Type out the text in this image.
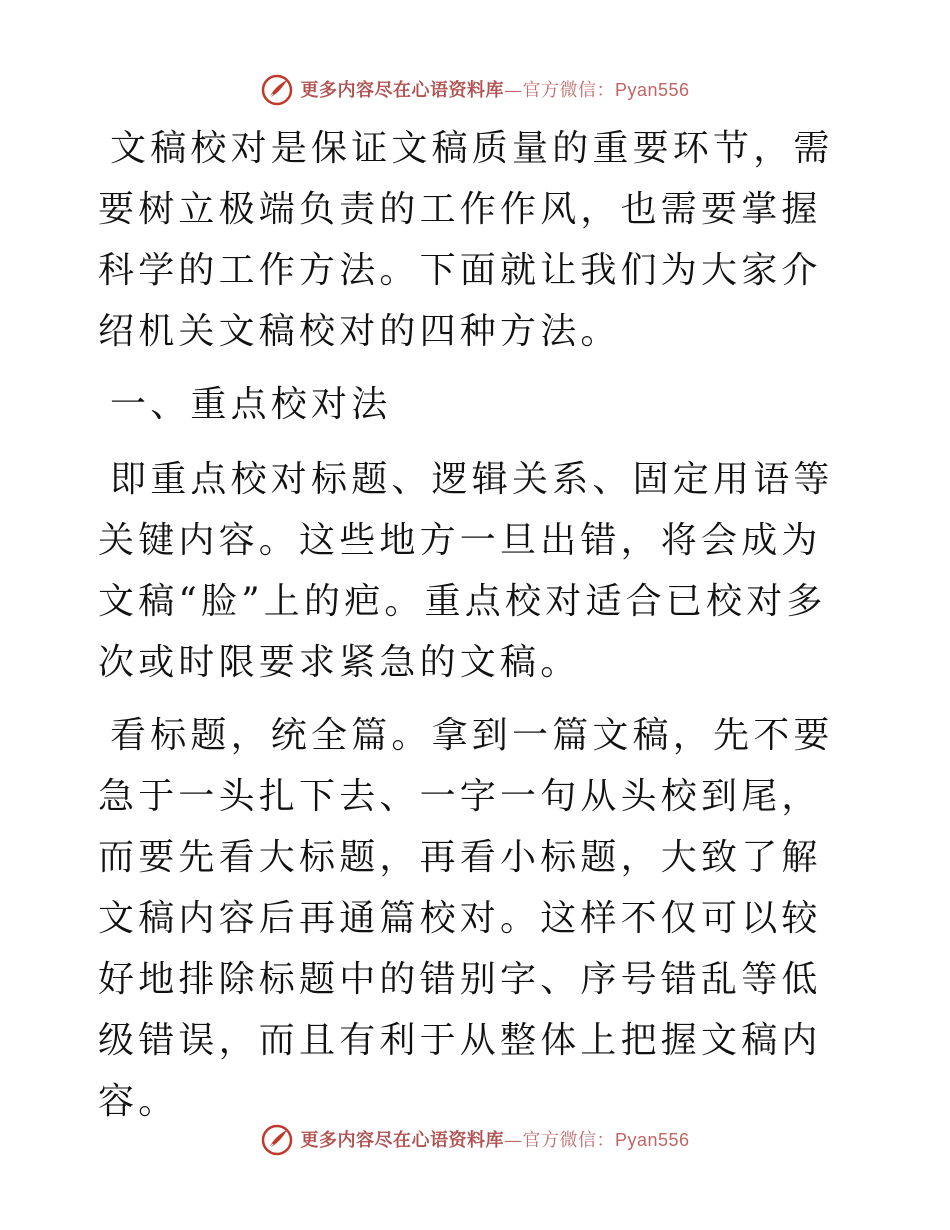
更多内容尽在心语资料库—官方微信：Pyan556

文稿校对是保证文稿质量的重要环节，需要树立极端负责的工作作风，也需要掌握科学的工作方法。下面就让我们为大家介绍机关文稿校对的四种方法。

一、重点校对法

即重点校对标题、逻辑关系、固定用语等关键内容。这些地方一旦出错，将会成为文稿“脸”上的疤。重点校对适合已校对多次或时限要求紧急的文稿。

看标题，统全篇。拿到一篇文稿，先不要急于一头扎下去、一字一句从头校到尾，而要先看大标题，再看小标题，大致了解文稿内容后再通篇校对。这样不仅可以较好地排除标题中的错别字、序号错乱等低级错误，而且有利于从整体上把握文稿内容。

更多内容尽在心语资料库—官方微信：Pyan556
